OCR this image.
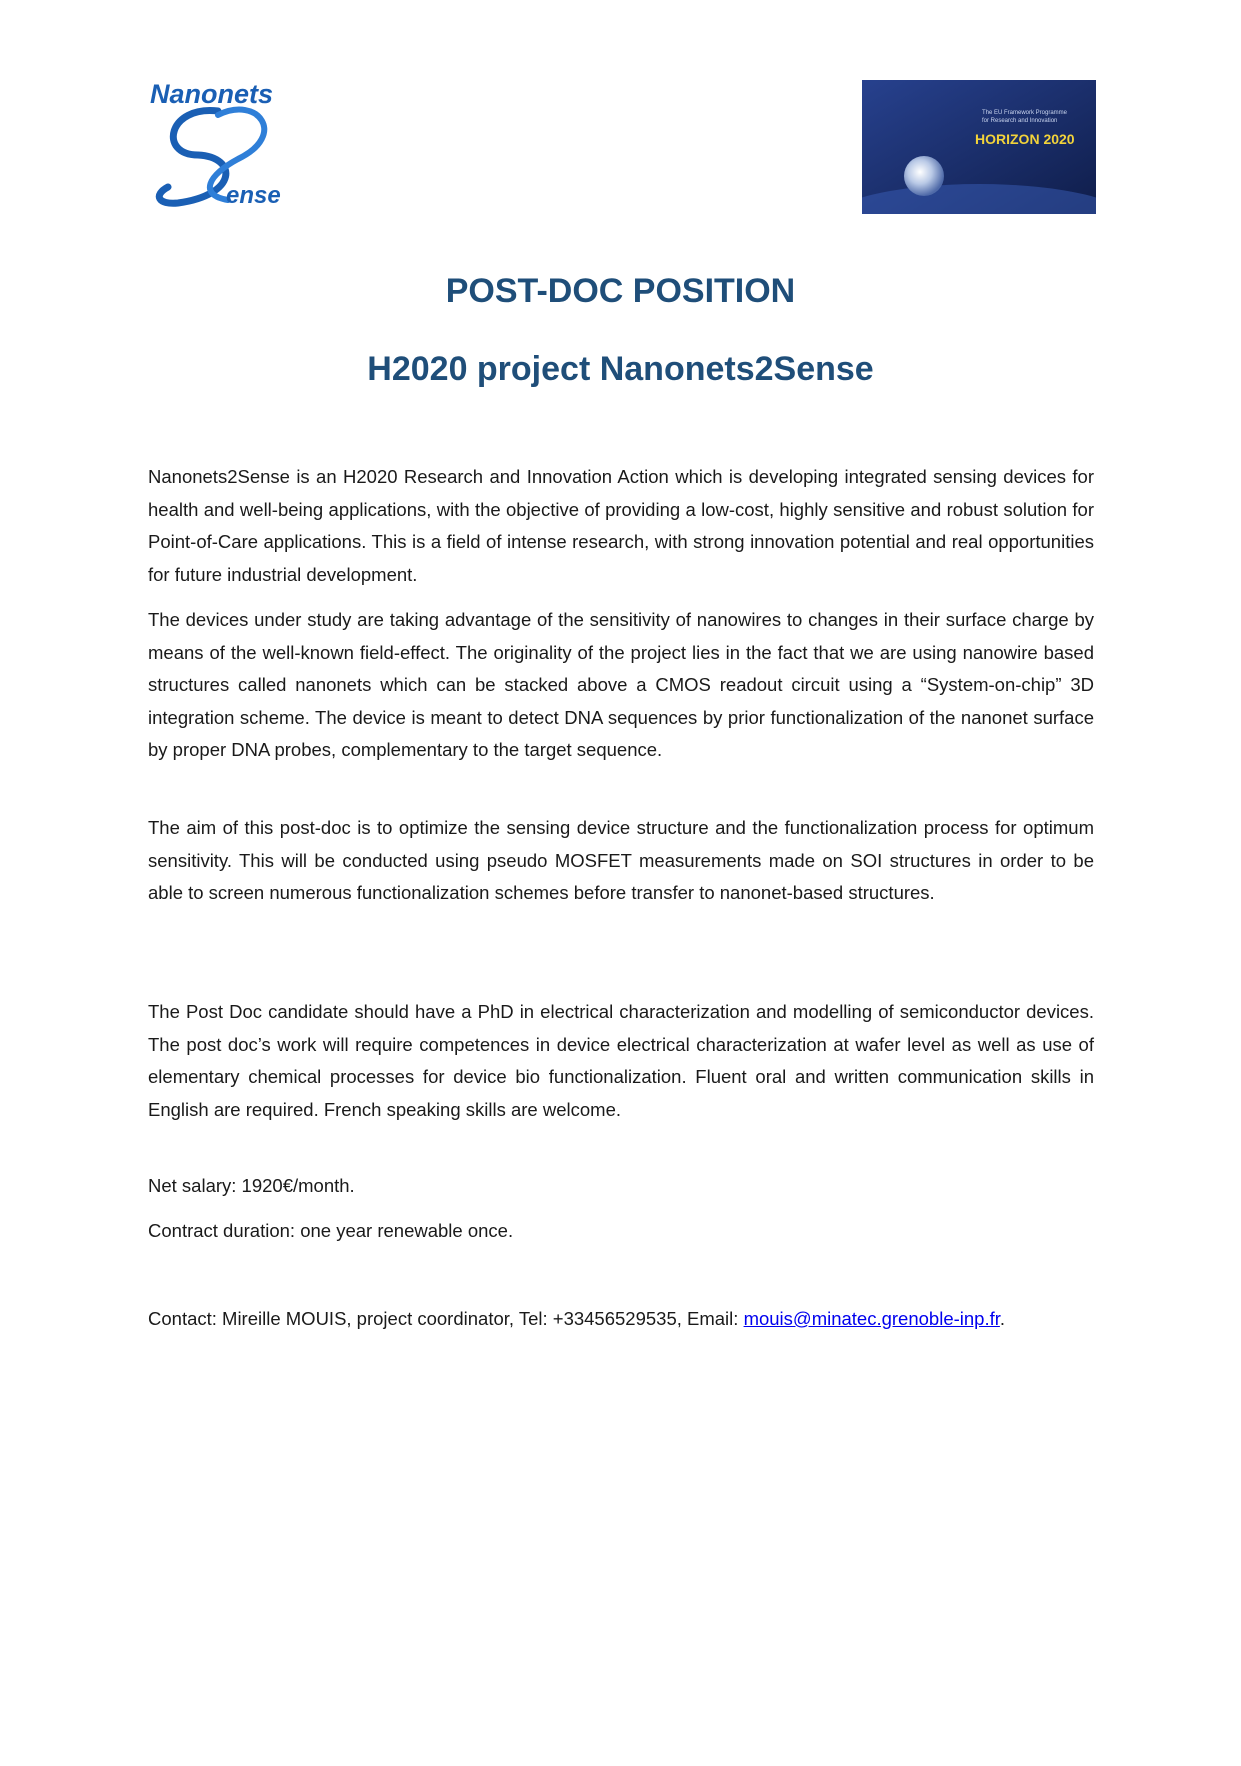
Nanonets
ense
The EU Framework Programme
for Research and Innovation
HORIZON 2020
POST-DOC POSITION
H2020 project Nanonets2Sense

Nanonets2Sense is an H2020 Research and Innovation Action which is developing integrated sensing devices for health and well-being applications, with the objective of providing a low-cost, highly sensitive and robust solution for Point-of-Care applications. This is a field of intense research, with strong innovation potential and real opportunities for future industrial development.

The devices under study are taking advantage of the sensitivity of nanowires to changes in their surface charge by means of the well-known field-effect. The originality of the project lies in the fact that we are using nanowire based structures called nanonets which can be stacked above a CMOS readout circuit using a “System-on-chip” 3D integration scheme. The device is meant to detect DNA sequences by prior functionalization of the nanonet surface by proper DNA probes, complementary to the target sequence.

The aim of this post-doc is to optimize the sensing device structure and the functionalization process for optimum sensitivity. This will be conducted using pseudo MOSFET measurements made on SOI structures in order to be able to screen numerous functionalization schemes before transfer to nanonet-based structures.

The Post Doc candidate should have a PhD in electrical characterization and modelling of semiconductor devices. The post doc’s work will require competences in device electrical characterization at wafer level as well as use of elementary chemical processes for device bio functionalization. Fluent oral and written communication skills in English are required. French speaking skills are welcome.

Net salary: 1920€/month.

Contract duration: one year renewable once.

Contact: Mireille MOUIS, project coordinator, Tel: +33456529535, Email: mouis@minatec.grenoble-inp.fr.
